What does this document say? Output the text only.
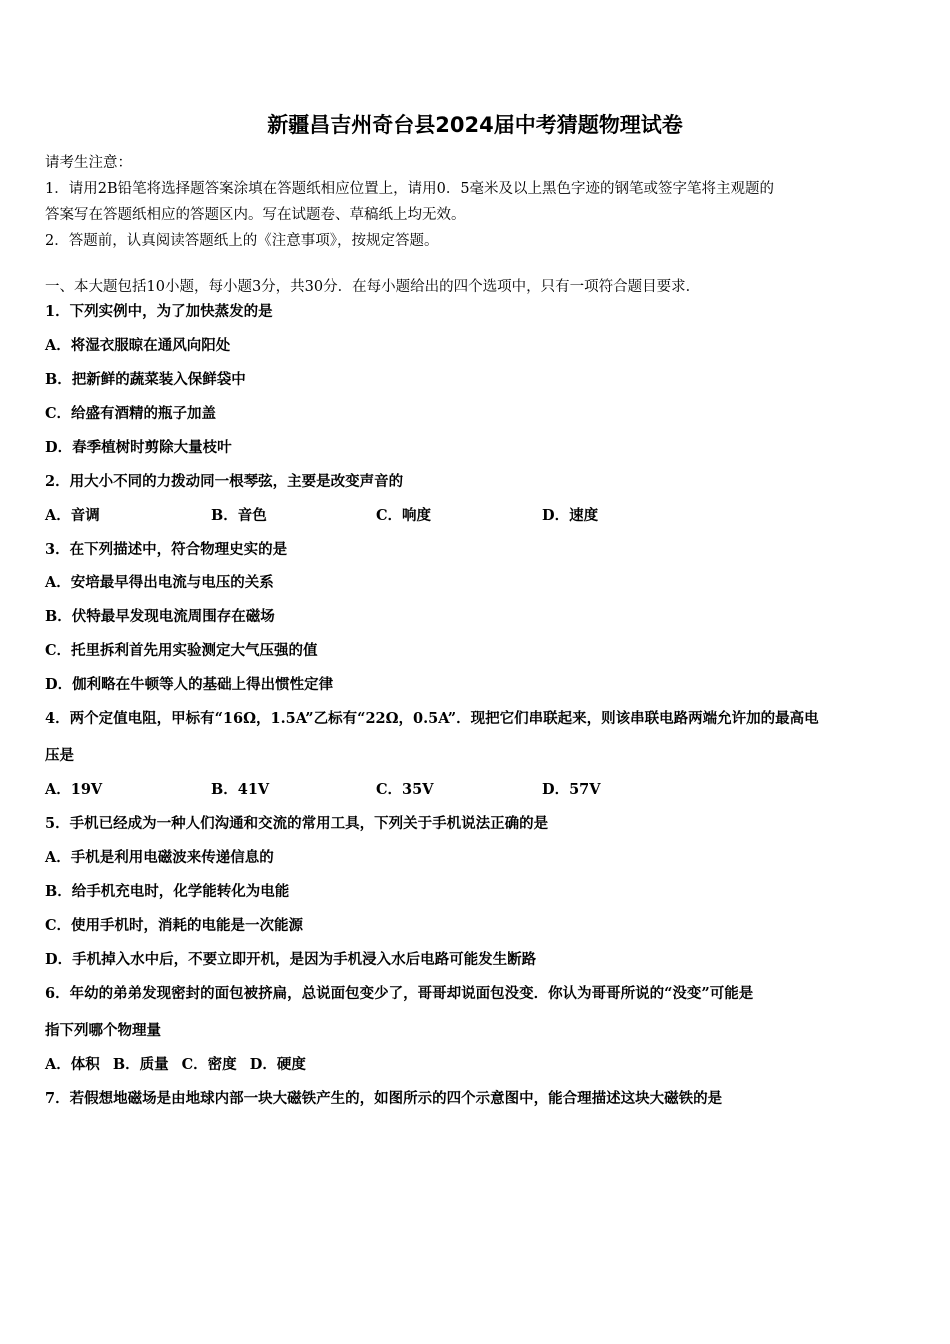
新疆昌吉州奇台县2024届中考猜题物理试卷
请考生注意：
1．请用2B铅笔将选择题答案涂填在答题纸相应位置上，请用0．5毫米及以上黑色字迹的钢笔或签字笔将主观题的
答案写在答题纸相应的答题区内。写在试题卷、草稿纸上均无效。
2．答题前，认真阅读答题纸上的《注意事项》，按规定答题。
一、本大题包括10小题，每小题3分，共30分．在每小题给出的四个选项中，只有一项符合题目要求．
1．下列实例中，为了加快蒸发的是
A．将湿衣服晾在通风向阳处
B．把新鲜的蔬菜装入保鲜袋中
C．给盛有酒精的瓶子加盖
D．春季植树时剪除大量枝叶
2．用大小不同的力拨动同一根琴弦，主要是改变声音的
A．音调	B．音色	C．响度	D．速度
3．在下列描述中，符合物理史实的是
A．安培最早得出电流与电压的关系
B．伏特最早发现电流周围存在磁场
C．托里拆利首先用实验测定大气压强的值
D．伽利略在牛顿等人的基础上得出惯性定律
4．两个定值电阻，甲标有“16Ω，1.5A”乙标有“22Ω，0.5A”．现把它们串联起来，则该串联电路两端允许加的最高电
压是
A．19V	B．41V	C．35V	D．57V
5．手机已经成为一种人们沟通和交流的常用工具，下列关于手机说法正确的是
A．手机是利用电磁波来传递信息的
B．给手机充电时，化学能转化为电能
C．使用手机时，消耗的电能是一次能源
D．手机掉入水中后，不要立即开机，是因为手机浸入水后电路可能发生断路
6．年幼的弟弟发现密封的面包被挤扁，总说面包变少了，哥哥却说面包没变．你认为哥哥所说的“没变”可能是
指下列哪个物理量
A．体积 B．质量 C．密度 D．硬度
7．若假想地磁场是由地球内部一块大磁铁产生的，如图所示的四个示意图中，能合理描述这块大磁铁的是
